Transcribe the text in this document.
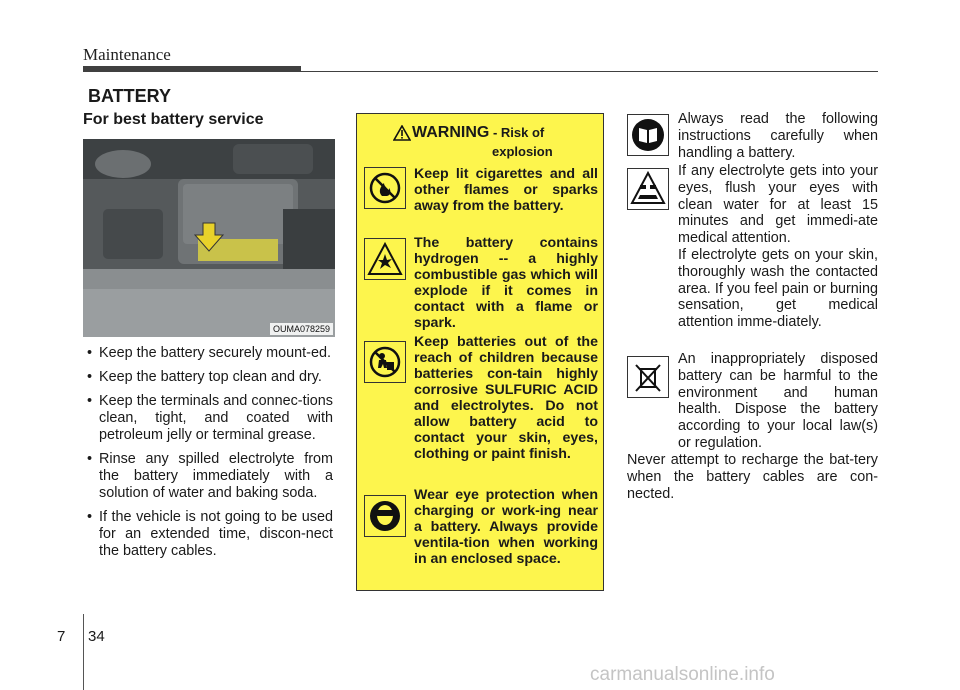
Maintenance
BATTERY
For best battery service
OUMA078259
• Keep the battery securely mount-ed.
• Keep the battery top clean and dry.
• Keep the terminals and connec-tions clean, tight, and coated with petroleum jelly or terminal grease.
• Rinse any spilled electrolyte from the battery immediately with a solution of water and baking soda.
• If the vehicle is not going to be used for an extended time, discon-nect the battery cables.
WARNING - Risk of
explosion
Keep lit cigarettes and all other flames or sparks away from the battery.
The battery contains hydrogen -- a highly combustible gas which will explode if it comes in contact with a flame or spark.
Keep batteries out of the reach of children because batteries con-tain highly corrosive SULFURIC ACID and electrolytes. Do not allow battery acid to contact your skin, eyes, clothing or paint finish.
Wear eye protection when charging or work-ing near a battery. Always provide ventila-tion when working in an enclosed space.
Always read the following instructions carefully when handling a battery.
If any electrolyte gets into your eyes, flush your eyes with clean water for at least 15 minutes and get immedi-ate medical attention.
If electrolyte gets on your skin, thoroughly wash the contacted area. If you feel pain or burning sensation, get medical attention imme-diately.
An inappropriately disposed battery can be harmful to the environment and human health. Dispose the battery according to your local law(s) or regulation.
Never attempt to recharge the bat-tery when the battery cables are con-nected.
7 34
carmanualsonline.info
